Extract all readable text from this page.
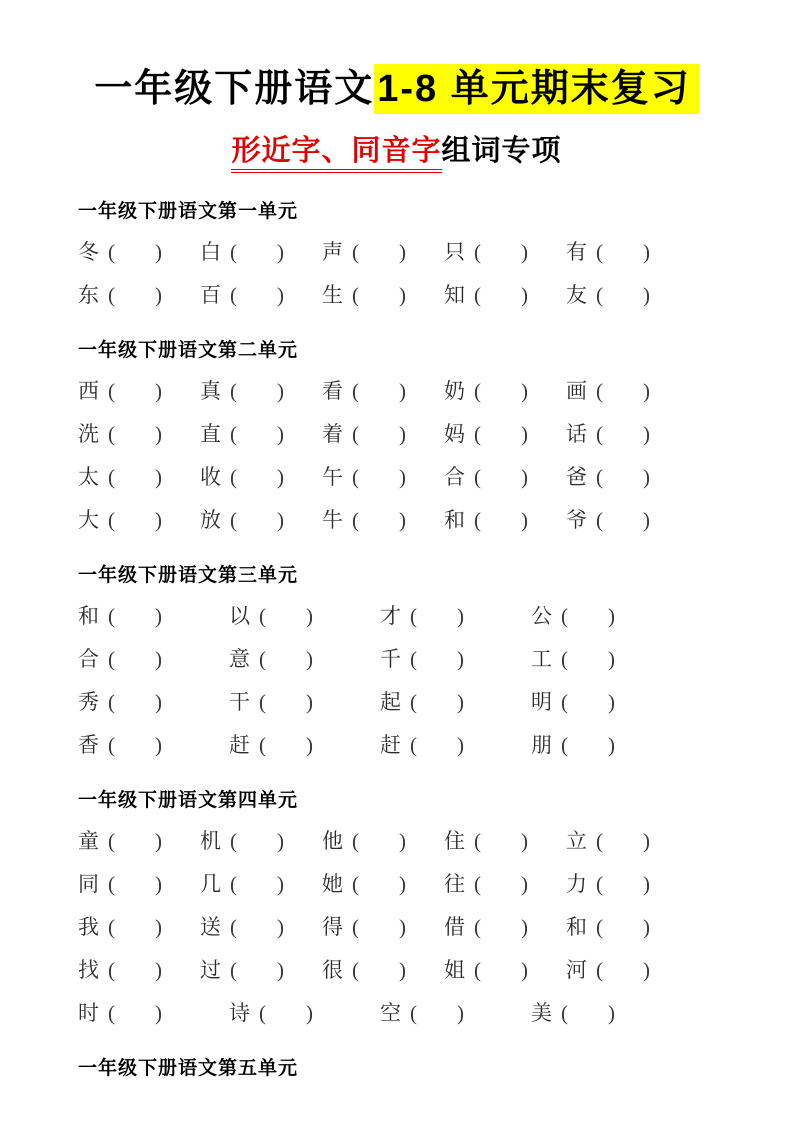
一年级下册语文1-8 单元期末复习
形近字、同音字组词专项
一年级下册语文第一单元
冬 ( )	白 ( )	声 ( )	只 ( )	有 ( )
东 ( )	百 ( )	生 ( )	知 ( )	友 ( )
一年级下册语文第二单元
西 ( )	真 ( )	看 ( )	奶 ( )	画 ( )
洗 ( )	直 ( )	着 ( )	妈 ( )	话 ( )
太 ( )	收 ( )	午 ( )	合 ( )	爸 ( )
大 ( )	放 ( )	牛 ( )	和 ( )	爷 ( )
一年级下册语文第三单元
和 ( )	以 ( )	才 ( )	公 ( )
合 ( )	意 ( )	千 ( )	工 ( )
秀 ( )	干 ( )	起 ( )	明 ( )
香 ( )	赶 ( )	赶 ( )	朋 ( )
一年级下册语文第四单元
童 ( )	机 ( )	他 ( )	住 ( )	立 ( )
同 ( )	几 ( )	她 ( )	往 ( )	力 ( )
我 ( )	送 ( )	得 ( )	借 ( )	和 ( )
找 ( )	过 ( )	很 ( )	姐 ( )	河 ( )
时 ( )	诗 ( )	空 ( )	美 ( )
一年级下册语文第五单元
